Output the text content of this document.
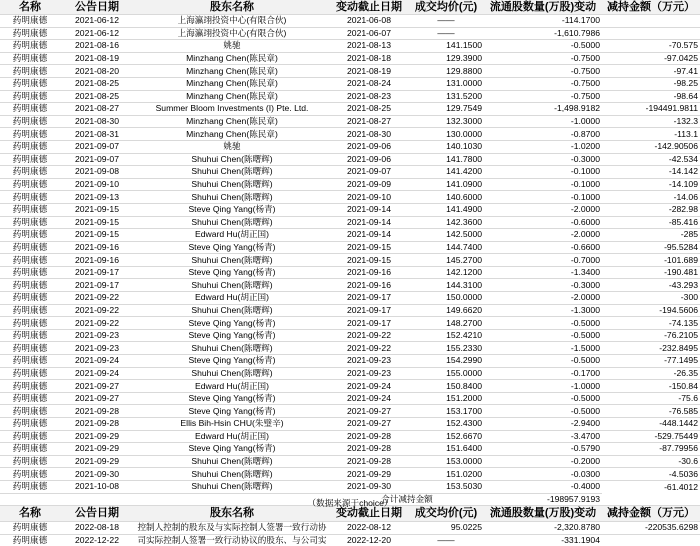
名称	公告日期	股东名称	变动截止日期	成交均价(元)	流通股数量(万股)变动	减持金额（万元）
药明康德	2021-06-12	上海瀛翊投资中心(有限合伙)	2021-06-08	——	-114.1700	
药明康德	2021-06-12	上海瀛翊投资中心(有限合伙)	2021-06-07	——	-1,610.7986	
药明康德	2021-08-16	姚驰	2021-08-13	141.1500	-0.5000	-70.575
药明康德	2021-08-19	Minzhang Chen(陈民章)	2021-08-18	129.3900	-0.7500	-97.0425
药明康德	2021-08-20	Minzhang Chen(陈民章)	2021-08-19	129.8800	-0.7500	-97.41
药明康德	2021-08-25	Minzhang Chen(陈民章)	2021-08-24	131.0000	-0.7500	-98.25
药明康德	2021-08-25	Minzhang Chen(陈民章)	2021-08-23	131.5200	-0.7500	-98.64
药明康德	2021-08-27	Summer Bloom Investments (I) Pte. Ltd.	2021-08-25	129.7549	-1,498.9182	-194491.9811
药明康德	2021-08-30	Minzhang Chen(陈民章)	2021-08-27	132.3000	-1.0000	-132.3
药明康德	2021-08-31	Minzhang Chen(陈民章)	2021-08-30	130.0000	-0.8700	-113.1
药明康德	2021-09-07	姚驰	2021-09-06	140.1030	-1.0200	-142.90506
药明康德	2021-09-07	Shuhui Chen(陈曙辉)	2021-09-06	141.7800	-0.3000	-42.534
药明康德	2021-09-08	Shuhui Chen(陈曙辉)	2021-09-07	141.4200	-0.1000	-14.142
药明康德	2021-09-10	Shuhui Chen(陈曙辉)	2021-09-09	141.0900	-0.1000	-14.109
药明康德	2021-09-13	Shuhui Chen(陈曙辉)	2021-09-10	140.6000	-0.1000	-14.06
药明康德	2021-09-15	Steve Qing Yang(杨青)	2021-09-14	141.4900	-2.0000	-282.98
药明康德	2021-09-15	Shuhui Chen(陈曙辉)	2021-09-14	142.3600	-0.6000	-85.416
药明康德	2021-09-15	Edward Hu(胡正国)	2021-09-14	142.5000	-2.0000	-285
药明康德	2021-09-16	Steve Qing Yang(杨青)	2021-09-15	144.7400	-0.6600	-95.5284
药明康德	2021-09-16	Shuhui Chen(陈曙辉)	2021-09-15	145.2700	-0.7000	-101.689
药明康德	2021-09-17	Steve Qing Yang(杨青)	2021-09-16	142.1200	-1.3400	-190.481
药明康德	2021-09-17	Shuhui Chen(陈曙辉)	2021-09-16	144.3100	-0.3000	-43.293
药明康德	2021-09-22	Edward Hu(胡正国)	2021-09-17	150.0000	-2.0000	-300
药明康德	2021-09-22	Shuhui Chen(陈曙辉)	2021-09-17	149.6620	-1.3000	-194.5606
药明康德	2021-09-22	Steve Qing Yang(杨青)	2021-09-17	148.2700	-0.5000	-74.135
药明康德	2021-09-23	Steve Qing Yang(杨青)	2021-09-22	152.4210	-0.5000	-76.2105
药明康德	2021-09-23	Shuhui Chen(陈曙辉)	2021-09-22	155.2330	-1.5000	-232.8495
药明康德	2021-09-24	Steve Qing Yang(杨青)	2021-09-23	154.2990	-0.5000	-77.1495
药明康德	2021-09-24	Shuhui Chen(陈曙辉)	2021-09-23	155.0000	-0.1700	-26.35
药明康德	2021-09-27	Edward Hu(胡正国)	2021-09-24	150.8400	-1.0000	-150.84
药明康德	2021-09-27	Steve Qing Yang(杨青)	2021-09-24	151.2000	-0.5000	-75.6
药明康德	2021-09-28	Steve Qing Yang(杨青)	2021-09-27	153.1700	-0.5000	-76.585
药明康德	2021-09-28	Ellis Bih-Hsin CHU(朱璧辛)	2021-09-27	152.4300	-2.9400	-448.1442
药明康德	2021-09-29	Edward Hu(胡正国)	2021-09-28	152.6670	-3.4700	-529.75449
药明康德	2021-09-29	Steve Qing Yang(杨青)	2021-09-28	151.6400	-0.5790	-87.79956
药明康德	2021-09-29	Shuhui Chen(陈曙辉)	2021-09-28	153.0000	-0.2000	-30.6
药明康德	2021-09-30	Shuhui Chen(陈曙辉)	2021-09-29	151.0200	-0.0300	-4.5036
药明康德	2021-10-08	Shuhui Chen(陈曙辉)	2021-09-30	153.5030	-0.4000	-61.4012
			合计减持金额		-198957.9193	
名称	公告日期	股东名称	变动截止日期	成交均价(元)	流通股数量(万股)变动	减持金额（万元）
药明康德	2022-08-18	控制人控制的股东及与实际控制人签署一致行动协	2022-08-12	95.0225	-2,320.8780	-220535.6298
药明康德	2022-12-22	司实际控制人签署一致行动协议的股东、与公司实	2022-12-20	——	-331.1904	
（数据来源于choice）
